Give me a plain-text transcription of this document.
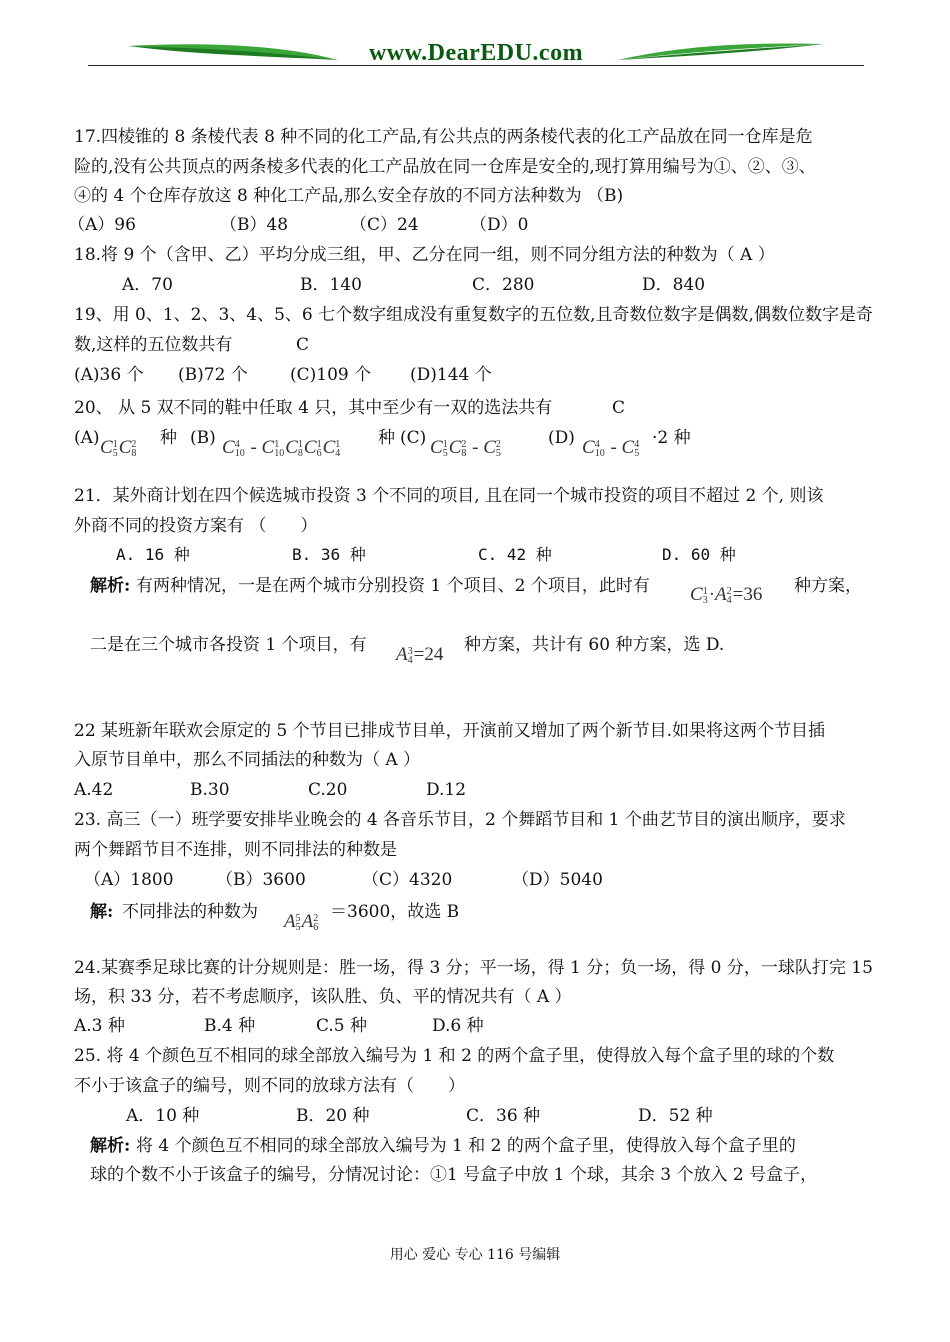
www.DearEDU.com
17.四棱锥的 8 条棱代表 8 种不同的化工产品,有公共点的两条棱代表的化工产品放在同一仓库是危
险的,没有公共顶点的两条棱多代表的化工产品放在同一仓库是安全的,现打算用编号为①、②、③、
④的 4 个仓库存放这 8 种化工产品,那么安全存放的不同方法种数为 （B)
（A）96	（B）48	（C）24	（D）0
18.将 9 个（含甲、乙）平均分成三组，甲、乙分在同一组，则不同分组方法的种数为（ A ）
A．70	B．140	C．280	D．840
19、用 0、1、2、3、4、5、6 七个数字组成没有重复数字的五位数,且奇数位数字是偶数,偶数位数字是奇
数,这样的五位数共有	C
(A)36 个 (B)72 个 (C)109 个 (D)144 个
20、 从 5 双不同的鞋中任取 4 只，其中至少有一双的选法共有	C
(A) C1
5C2
8
种 (B) C4
10 - C1
10C1
8C1
6C1
4
种 (C) C1
5C2
8 - C2
5
(D) C4
10 - C4
5
·2 种
21．某外商计划在四个候选城市投资 3 个不同的项目, 且在同一个城市投资的项目不超过 2 个, 则该
外商不同的投资方案有 （　　）
A. 16 种	B. 36 种	C. 42 种	D. 60 种
解析: 有两种情况，一是在两个城市分别投资 1 个项目、2 个项目，此时有 C1
3·A2
4=36 种方案，
二是在三个城市各投资 1 个项目，有 A3
4=24 种方案，共计有 60 种方案，选 D.
22 某班新年联欢会原定的 5 个节目已排成节目单，开演前又增加了两个新节目.如果将这两个节目插
入原节目单中，那么不同插法的种数为（ A ）
A.42	B.30	C.20	D.12
23. 高三（一）班学要安排毕业晚会的 4 各音乐节目，2 个舞蹈节目和 1 个曲艺节目的演出顺序，要求
两个舞蹈节目不连排，则不同排法的种数是
（A）1800 （B）3600	（C）4320	（D）5040
解: 不同排法的种数为 A5
5A2
6
＝3600，故选 B
24.某赛季足球比赛的计分规则是：胜一场，得 3 分；平一场，得 1 分；负一场，得 0 分，一球队打完 15
场，积 33 分，若不考虑顺序，该队胜、负、平的情况共有（ A ）
A.3 种	B.4 种	C.5 种	D.6 种
25. 将 4 个颜色互不相同的球全部放入编号为 1 和 2 的两个盒子里，使得放入每个盒子里的球的个数
不小于该盒子的编号，则不同的放球方法有（　　）
A．10 种	B．20 种	C．36 种	D．52 种
解析: 将 4 个颜色互不相同的球全部放入编号为 1 和 2 的两个盒子里，使得放入每个盒子里的
球的个数不小于该盒子的编号，分情况讨论：①1 号盒子中放 1 个球，其余 3 个放入 2 号盒子，
用心 爱心 专心 116 号编辑
